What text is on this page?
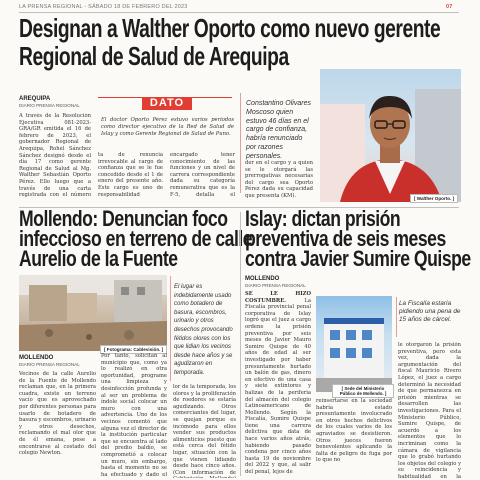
LA PRENSA REGIONAL - SÁBADO 18 DE FEBRERO DEL 2023	07
Designan a Walther Oporto como nuevo gerente
Regional de Salud de Arequipa
AREQUIPA
DIARIO PRENSA REGIONAL
A través de la Resolución Ejecutiva 081-2023-GRA/GR emitida el 16 de febrero de 2023, el gobernador Regional de Arequipa, Rohel Sánchez Sánchez designó desde el día 17 como gerente Regional de Salud al Mg. Walther Sebastián Oporto Pérez. Ello luego que a través de una carta registrada con el número
DATO
El doctor Oporto Pérez estuvo varios periodos como director ejecutivo de la Red de Salud de Islay y como Gerente Regional de Salud de Puno.
ta de renuncia irrevocable al cargo de confianza que se le fue concedido desde el 1 de enero del presente año. Este cargo es uno de responsabilidad
encargado tener conocimiento de las funciones y un nivel de carrera correspondiente dada su categoría remunerativa que es la F-5, detalla el
Constantino Olivares Moscoso quien estuvo 46 días en el cargo de confianza, habría renunciado por razones personales.
der en el cargo y a quien se le otorgará las prerrogativas necesarias del cargo sea Oporto Pérez dada su capacidad que presenta (KM).	[ Walther Oporto. ]
Mollendo: Denuncian foco
infeccioso en terreno de calle
Aurelio de la Fuente
[ Fotograma: Cablevisión. ]
El lugar es indebidamente usado como botadero de basura, escombros, urinario y otros desechos provocando fétidos olores con los que lidian los vecinos desde hace años y se agudizaron en temporada.
MOLLENDO
DIARIO PRENSA REGIONAL
Vecinos de la calle Aurelio de la Fuente de Mollendo reclaman que, en la primera cuadra, existe un terreno vacío que es aprovechado por diferentes personas para usarlo de botadero de basura y escombros, urinario y otros desechos, reclamando el mal olor que de él emana, pese a encontrarse al costado del colegio Newton.
Por tanto, solicitan al municipio que, como ya lo realizó en otra oportunidad, programe una limpieza y desinfección profunda y al ser un problema de índole social colocar un muro con una advertencia. Uno de los vecinos comentó que alguna vez el director de la institución particular que se encuentra al lado del predio baldío, se comprometió a colocar un muro, sin embargo, hasta el momento no se ha efectuado y dado el
lor de la temporada, los olores y la proliferación de roedores se estaría agudizando. Otros comerciantes del lugar, se quejan porque es incómodo para ellos vender sus productos alimenticios puesto que está cerca del fétido lugar, situación con la que vienen lidiando desde hace cinco años. (Con información de
Islay: dictan prisión
preventiva de seis meses
contra Javier Sumire Quispe
MOLLENDO
DIARIO PRENSA REGIONAL
SE LE HIZO COSTUMBRE. La Fiscalía provincial penal corporativa de Islay logró que el juez a cargo ordene la prisión preventiva por seis meses de Javier Mauro Sumire Quispe de 40 años de edad al ser investigado por haber presuntamente hurtado un balón de gas, dinero en efectivo de una casa y siete extintores y balizas de la periferia del almacén del colegio Latinoamericano de Mollendo. Según la Fiscalía, Sumire Quispe tiene una carrera delictiva que data de hace varios años atrás, habiendo pasado condena por cinco años hasta 19 de noviembre del 2022 y que, al salir del penal, lejos de
[ Sede del Ministerio Público de Mollendo. ]
reinsertarse en la sociedad habría estado presuntamente involucrado en otros hechos delictivos de los cuales varios de los agraviados se desistieron. Otros jueces fueron benevolentes aplicando la falta de peligro de fuga por lo que no
La Fiscalía estaría pidiendo una pena de 15 años de cárcel.
le otorgaron la prisión preventiva, pero esta vez, dada la argumentación del fiscal Mauricio Rivero López, el juez a cargo determinó la necesidad de que permanezca en prisión mientras se desarrollen las investigaciones. Para el Ministerio Público, Sumire Quispe, de acuerdo a los elementos que lo incriminan como la cámara de vigilancia que lo grabó hurtando los objetos del colegio y su reincidencia y habitualidad en la
